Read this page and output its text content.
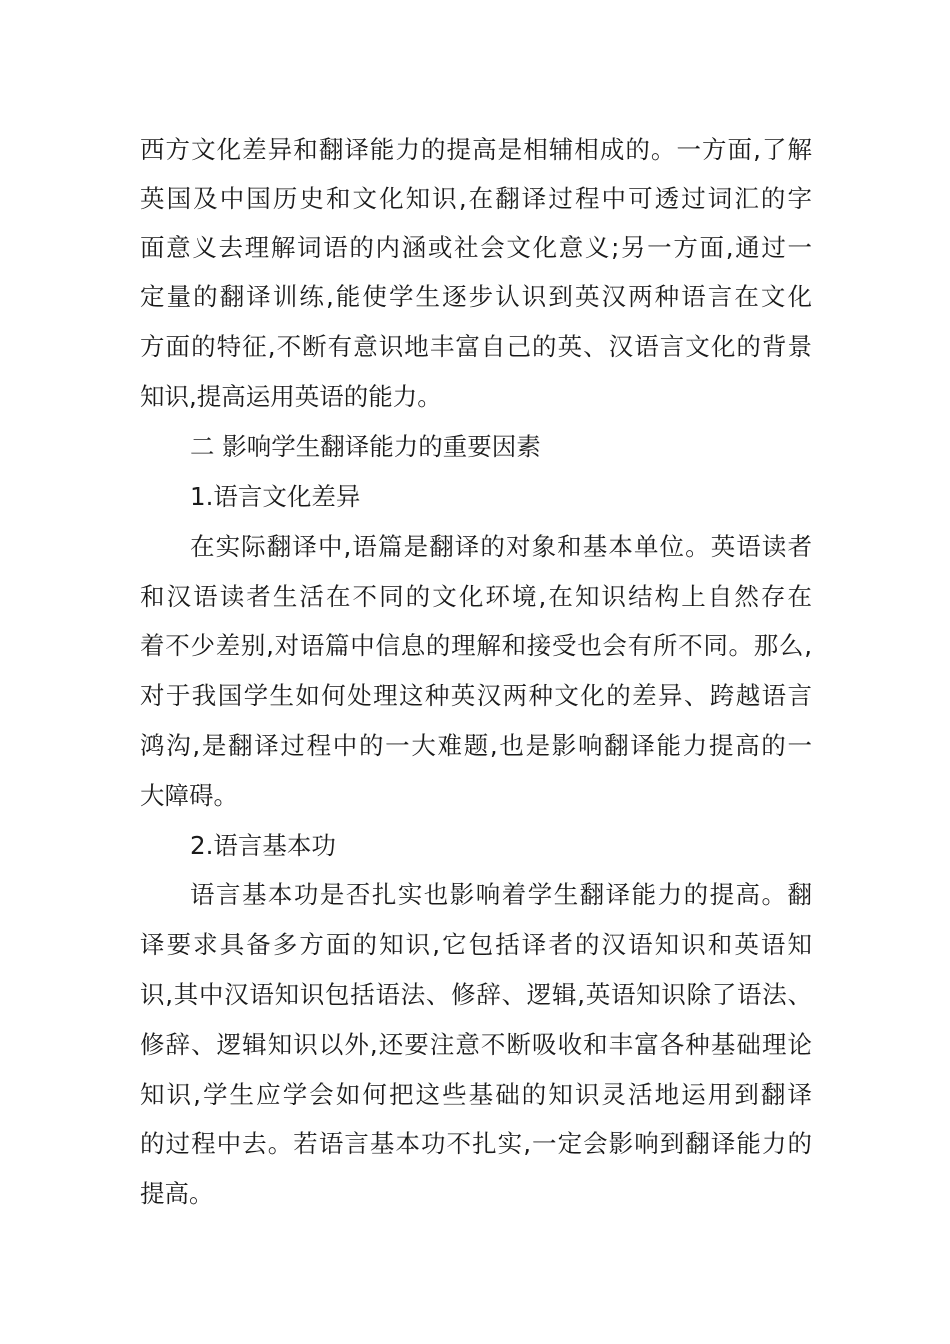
西方文化差异和翻译能力的提高是相辅相成的。一方面,了解
英国及中国历史和文化知识,在翻译过程中可透过词汇的字
面意义去理解词语的内涵或社会文化意义;另一方面,通过一
定量的翻译训练,能使学生逐步认识到英汉两种语言在文化
方面的特征,不断有意识地丰富自己的英、汉语言文化的背景
知识,提高运用英语的能力。
二 影响学生翻译能力的重要因素
1.语言文化差异
在实际翻译中,语篇是翻译的对象和基本单位。英语读者
和汉语读者生活在不同的文化环境,在知识结构上自然存在
着不少差别,对语篇中信息的理解和接受也会有所不同。那么,
对于我国学生如何处理这种英汉两种文化的差异、跨越语言
鸿沟,是翻译过程中的一大难题,也是影响翻译能力提高的一
大障碍。
2.语言基本功
语言基本功是否扎实也影响着学生翻译能力的提高。翻
译要求具备多方面的知识,它包括译者的汉语知识和英语知
识,其中汉语知识包括语法、修辞、逻辑,英语知识除了语法、
修辞、逻辑知识以外,还要注意不断吸收和丰富各种基础理论
知识,学生应学会如何把这些基础的知识灵活地运用到翻译
的过程中去。若语言基本功不扎实,一定会影响到翻译能力的
提高。
